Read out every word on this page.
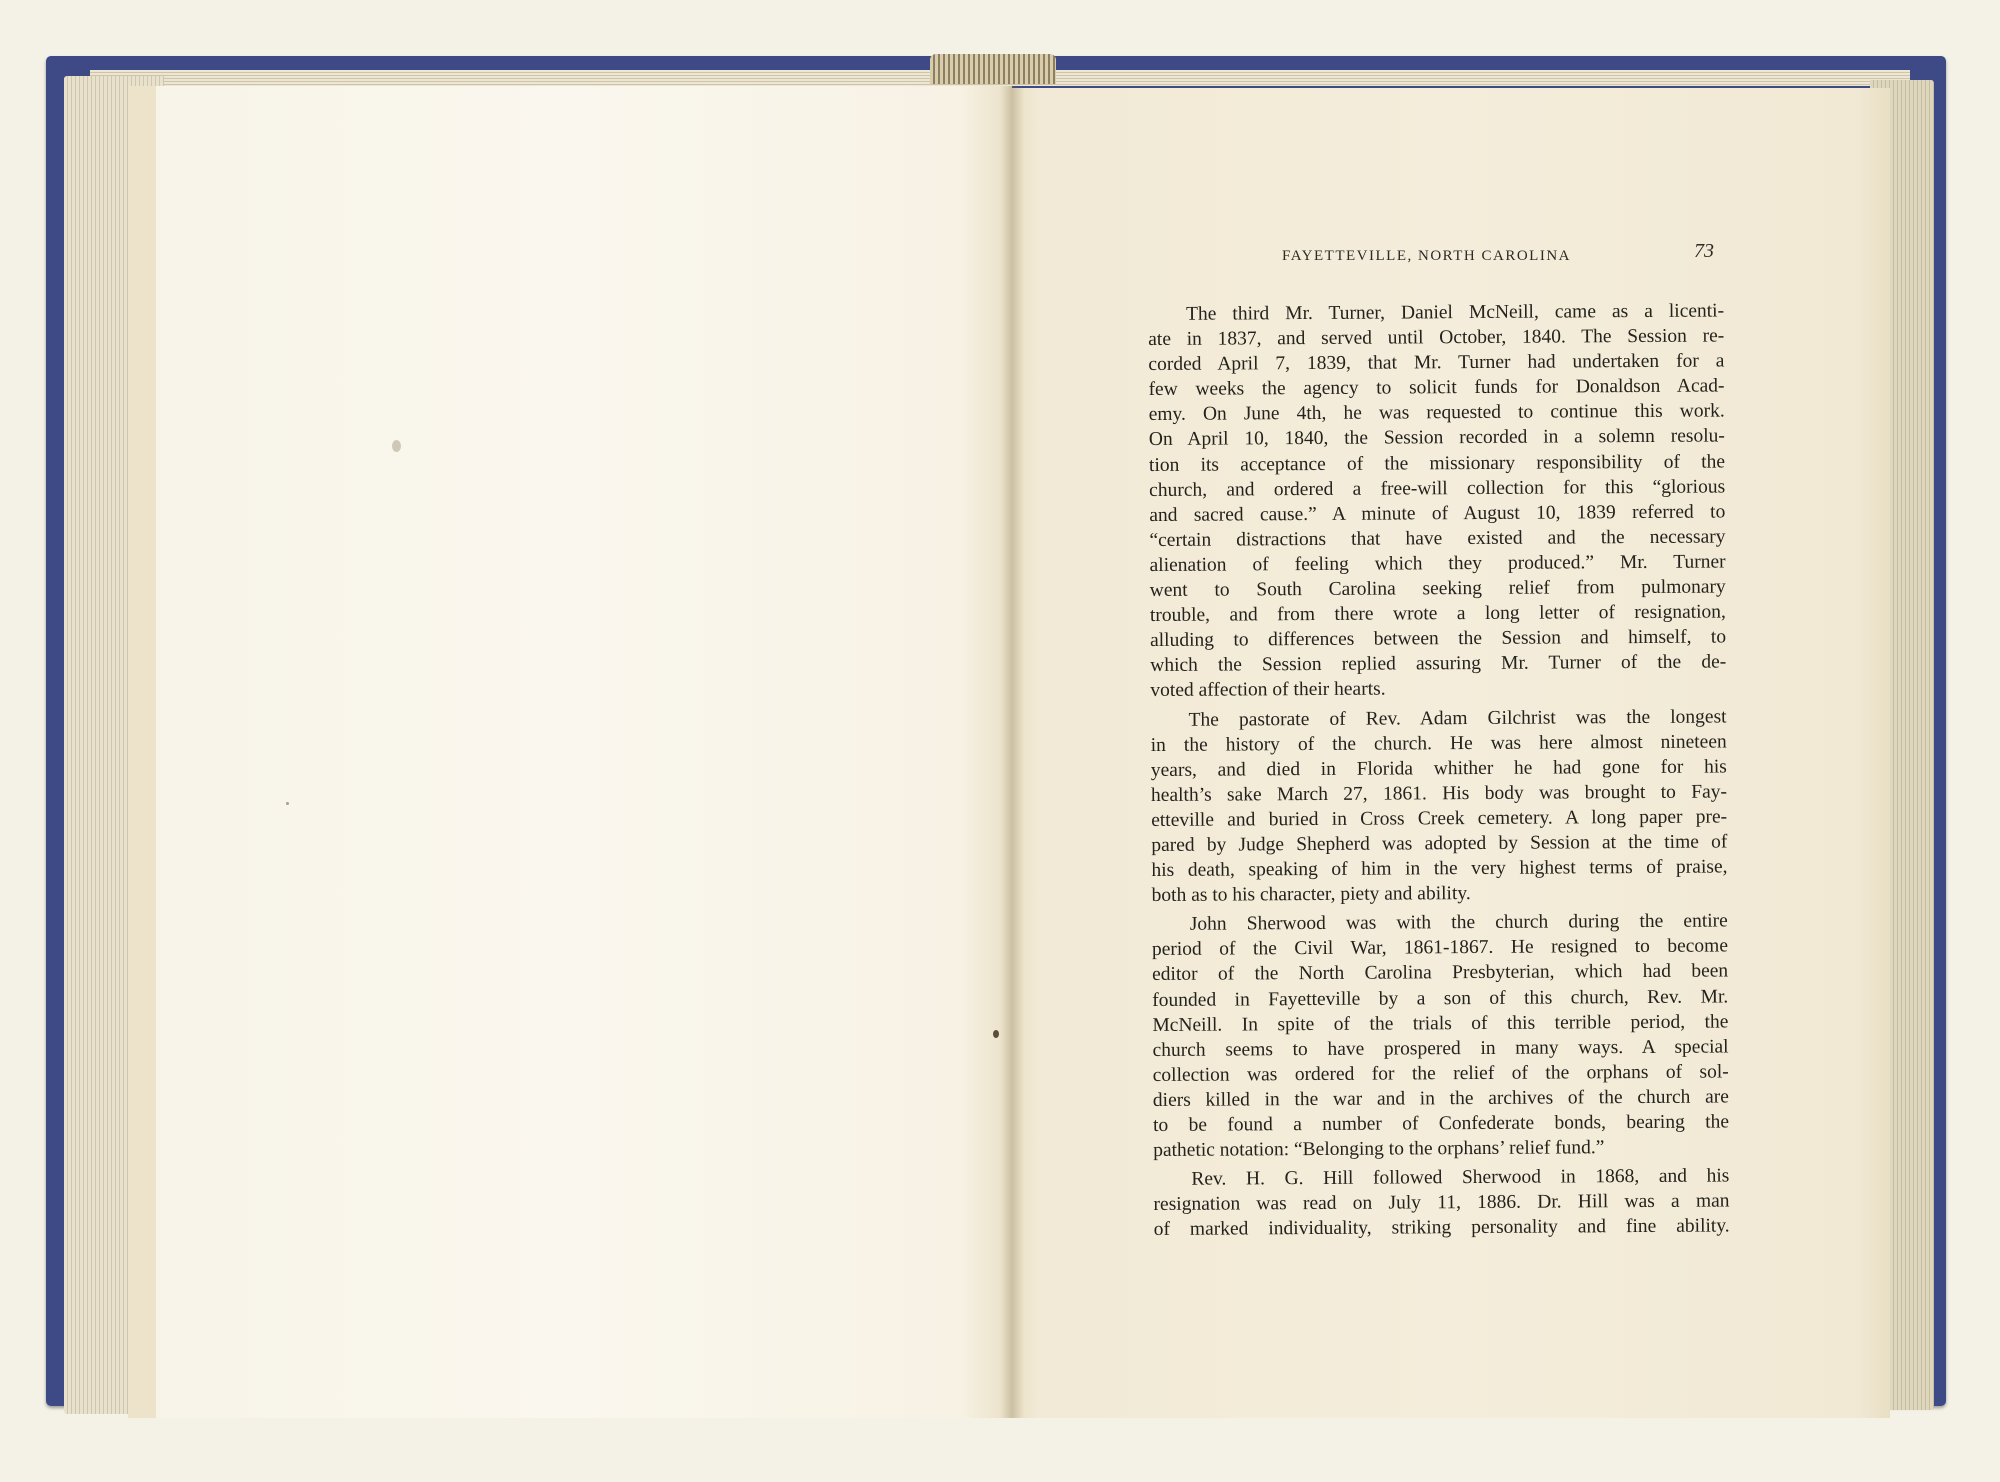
FAYETTEVILLE, NORTH CAROLINA	73
The third Mr. Turner, Daniel McNeill, came as a licenti-
ate in 1837, and served until October, 1840. The Session re-
corded April 7, 1839, that Mr. Turner had undertaken for a
few weeks the agency to solicit funds for Donaldson Acad-
emy. On June 4th, he was requested to continue this work.
On April 10, 1840, the Session recorded in a solemn resolu-
tion its acceptance of the missionary responsibility of the
church, and ordered a free-will collection for this “glorious
and sacred cause.” A minute of August 10, 1839 referred to
“certain distractions that have existed and the necessary
alienation of feeling which they produced.” Mr. Turner
went to South Carolina seeking relief from pulmonary
trouble, and from there wrote a long letter of resignation,
alluding to differences between the Session and himself, to
which the Session replied assuring Mr. Turner of the de-
voted affection of their hearts.
The pastorate of Rev. Adam Gilchrist was the longest
in the history of the church. He was here almost nineteen
years, and died in Florida whither he had gone for his
health’s sake March 27, 1861. His body was brought to Fay-
etteville and buried in Cross Creek cemetery. A long paper pre-
pared by Judge Shepherd was adopted by Session at the time of
his death, speaking of him in the very highest terms of praise,
both as to his character, piety and ability.
John Sherwood was with the church during the entire
period of the Civil War, 1861-1867. He resigned to become
editor of the North Carolina Presbyterian, which had been
founded in Fayetteville by a son of this church, Rev. Mr.
McNeill. In spite of the trials of this terrible period, the
church seems to have prospered in many ways. A special
collection was ordered for the relief of the orphans of sol-
diers killed in the war and in the archives of the church are
to be found a number of Confederate bonds, bearing the
pathetic notation: “Belonging to the orphans’ relief fund.”
Rev. H. G. Hill followed Sherwood in 1868, and his
resignation was read on July 11, 1886. Dr. Hill was a man
of marked individuality, striking personality and fine ability.
